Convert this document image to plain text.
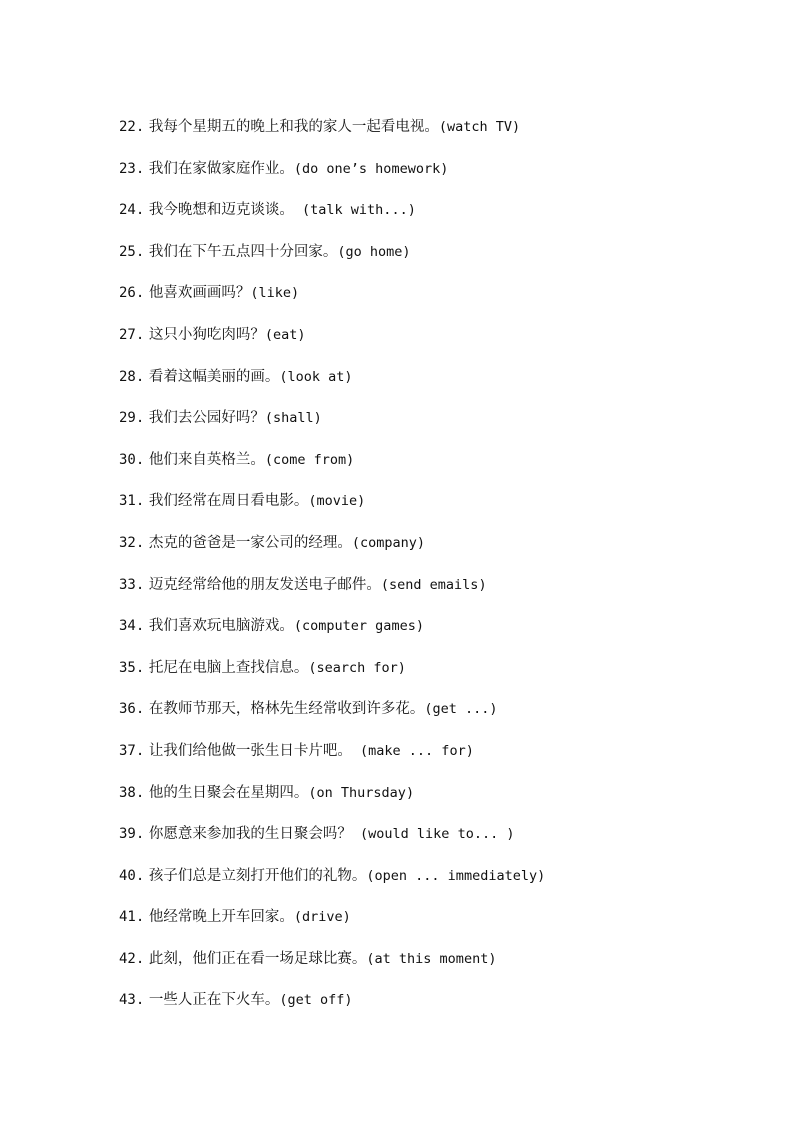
22. 我每个星期五的晚上和我的家人一起看电视。(watch TV)
23. 我们在家做家庭作业。(do one’s homework)
24. 我今晚想和迈克谈谈。 (talk with...)
25. 我们在下午五点四十分回家。(go home)
26. 他喜欢画画吗？(like)
27. 这只小狗吃肉吗？(eat)
28. 看着这幅美丽的画。(look at)
29. 我们去公园好吗？(shall)
30. 他们来自英格兰。(come from)
31. 我们经常在周日看电影。(movie)
32. 杰克的爸爸是一家公司的经理。(company)
33. 迈克经常给他的朋友发送电子邮件。(send emails)
34. 我们喜欢玩电脑游戏。(computer games)
35. 托尼在电脑上查找信息。(search for)
36. 在教师节那天，格林先生经常收到许多花。(get ...)
37. 让我们给他做一张生日卡片吧。 (make ... for)
38. 他的生日聚会在星期四。(on Thursday)
39. 你愿意来参加我的生日聚会吗？ (would like to... )
40. 孩子们总是立刻打开他们的礼物。(open ... immediately)
41. 他经常晚上开车回家。(drive)
42. 此刻，他们正在看一场足球比赛。(at this moment)
43. 一些人正在下火车。(get off)
